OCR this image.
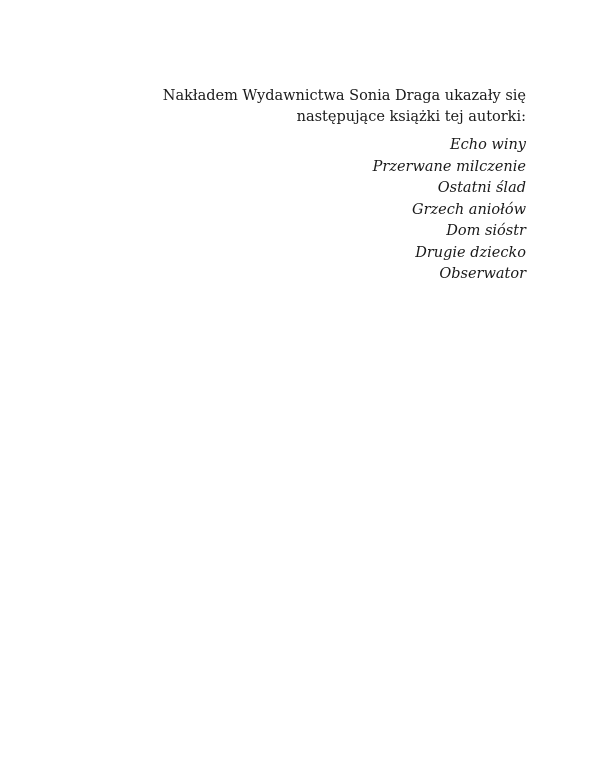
Nakładem Wydawnictwa Sonia Draga ukazały się następujące książki tej autorki:

Echo winy
Przerwane milczenie
Ostatni ślad
Grzech aniołów
Dom sióstr
Drugie dziecko
Obserwator
